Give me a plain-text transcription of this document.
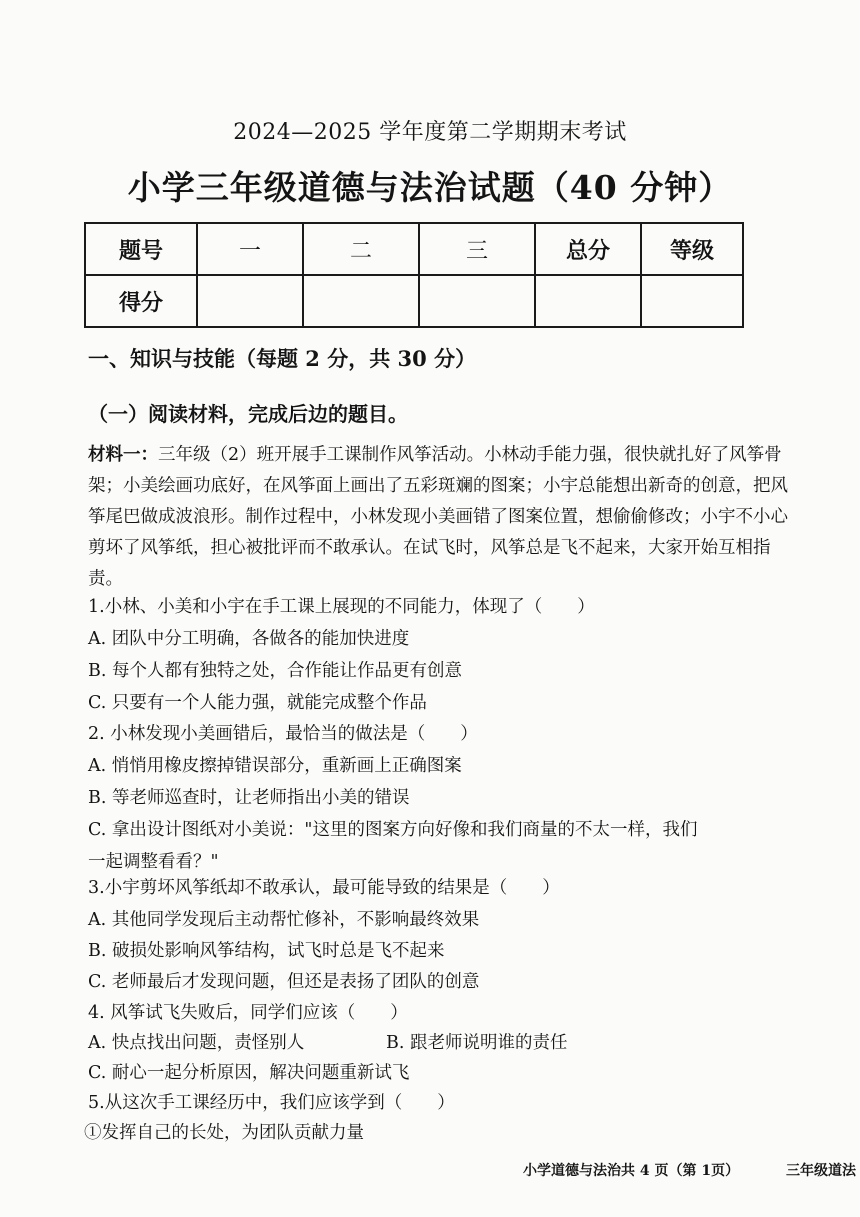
2024—2025 学年度第二学期期末考试
小学三年级道德与法治试题（40 分钟）
题号	一	二	三	总分	等级
得分					
一、知识与技能（每题 2 分，共 30 分）
（一）阅读材料，完成后边的题目。
材料一：三年级（2）班开展手工课制作风筝活动。小林动手能力强，很快就扎好了风筝骨架；小美绘画功底好，在风筝面上画出了五彩斑斓的图案；小宇总能想出新奇的创意，把风筝尾巴做成波浪形。制作过程中，小林发现小美画错了图案位置，想偷偷修改；小宇不小心剪坏了风筝纸，担心被批评而不敢承认。在试飞时，风筝总是飞不起来，大家开始互相指责。
1.小林、小美和小宇在手工课上展现的不同能力，体现了（　　）
A. 团队中分工明确，各做各的能加快进度
B. 每个人都有独特之处，合作能让作品更有创意
C. 只要有一个人能力强，就能完成整个作品
2. 小林发现小美画错后，最恰当的做法是（　　）
A. 悄悄用橡皮擦掉错误部分，重新画上正确图案
B. 等老师巡查时，让老师指出小美的错误
C. 拿出设计图纸对小美说："这里的图案方向好像和我们商量的不太一样，我们
一起调整看看？"
3.小宇剪坏风筝纸却不敢承认，最可能导致的结果是（　　）
A. 其他同学发现后主动帮忙修补，不影响最终效果
B. 破损处影响风筝结构，试飞时总是飞不起来
C. 老师最后才发现问题，但还是表扬了团队的创意
4. 风筝试飞失败后，同学们应该（　　）
A. 快点找出问题，责怪别人	B. 跟老师说明谁的责任
C. 耐心一起分析原因，解决问题重新试飞
5.从这次手工课经历中，我们应该学到（　　）
①发挥自己的长处，为团队贡献力量
小学道德与法治共 4 页（第 1页）	三年级道法
